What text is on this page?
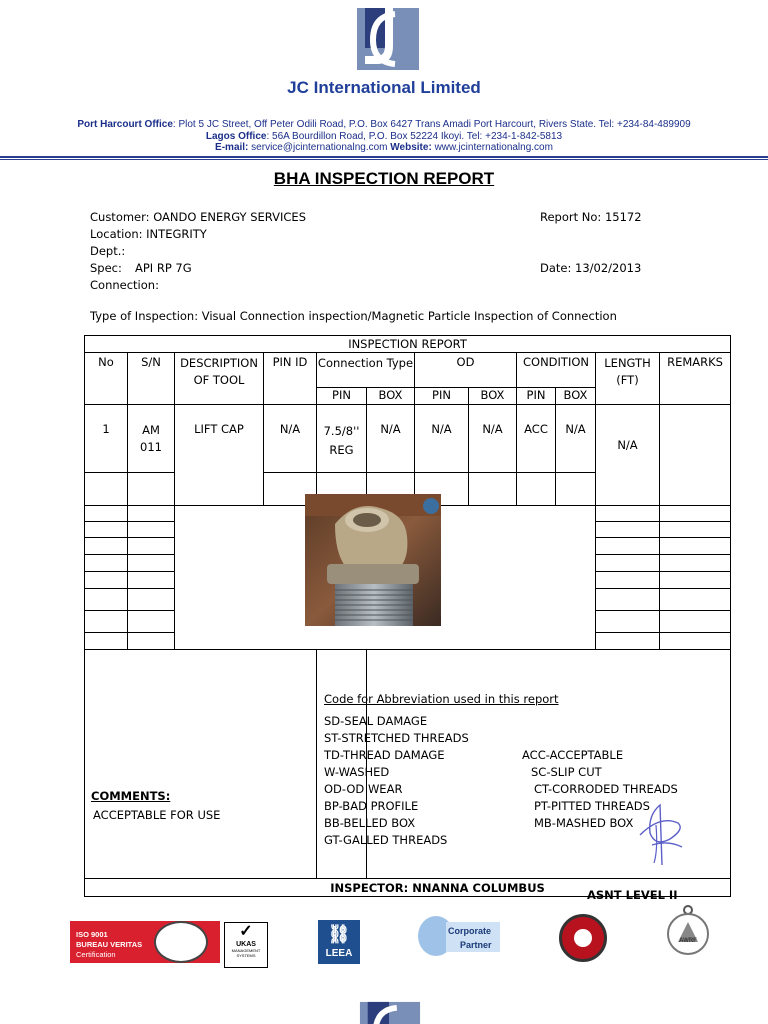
JC International Limited
Port Harcourt Office: Plot 5 JC Street, Off Peter Odili Road, P.O. Box 6427 Trans Amadi Port Harcourt, Rivers State. Tel: +234-84-489909
Lagos Office: 56A Bourdillon Road, P.O. Box 52224 Ikoyi. Tel: +234-1-842-5813
E-mail: service@jcinternationalng.com Website: www.jcinternationalng.com
BHA INSPECTION REPORT
Customer: OANDO ENERGY SERVICES
Location: INTEGRITY
Dept.:
Spec: API RP 7G
Connection:
Report No: 15172
Date: 13/02/2013
Type of Inspection: Visual Connection inspection/Magnetic Particle Inspection of Connection
INSPECTION REPORT											
No	S/N	DESCRIPTION OF TOOL	PIN ID	Connection Type		OD		CONDITION		LENGTH (FT)	REMARKS
				PIN	BOX	PIN	BOX	PIN	BOX		
1	AM 011	LIFT CAP	N/A	7.5/8'' REG	N/A	N/A	N/A	ACC	N/A	N/A	

COMMENTS:
ACCEPTABLE FOR USE											

INSPECTOR: NNANNA COLUMBUS											
Code for Abbreviation used in this report
SD-SEAL DAMAGE
ST-STRETCHED THREADS
TD-THREAD DAMAGE
W-WASHED
OD-OD WEAR
BP-BAD PROFILE
BB-BELLED BOX
GT-GALLED THREADS
ACC-ACCEPTABLE
SC-SLIP CUT
CT-CORRODED THREADS
PT-PITTED THREADS
MB-MASHED BOX
ASNT LEVEL II
ISO 9001
BUREAU VERITAS
Certification
✓
UKAS
MANAGEMENT SYSTEMS
⛓
LEEA
Corporate
Partner	AWRF
